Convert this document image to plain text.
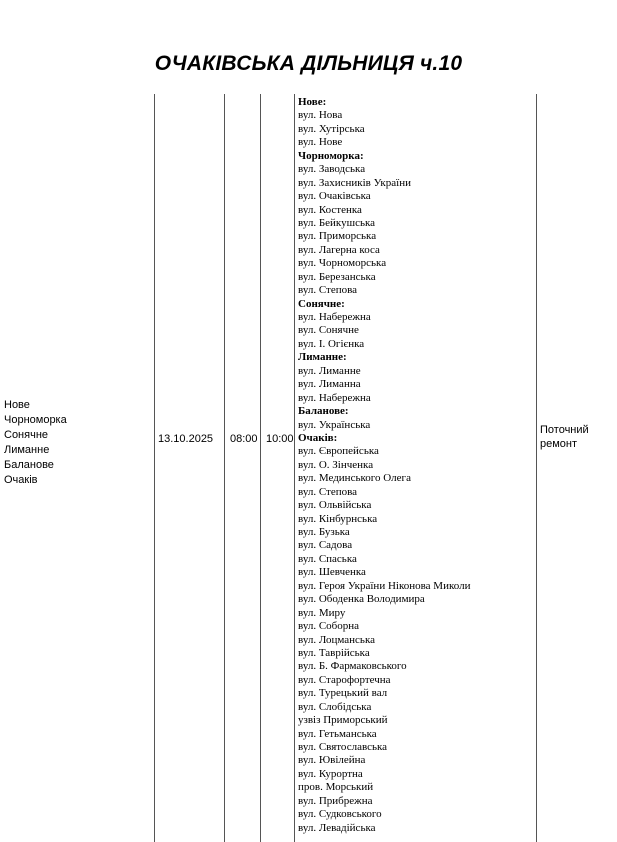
ОЧАКІВСЬКА ДІЛЬНИЦЯ ч.10
Нове
Чорноморка
Сонячне
Лиманне
Баланове
Очаків
13.10.2025 08:00 10:00
Нове:
вул. Нова
вул. Хутірська
вул. Нове
Чорноморка:
вул. Заводська
вул. Захисників України
вул. Очаківська
вул. Костенка
вул. Бейкушська
вул. Приморська
вул. Лагерна коса
вул. Чорноморська
вул. Березанська
вул. Степова
Сонячне:
вул. Набережна
вул. Сонячне
вул. І. Огієнка
Лиманне:
вул. Лиманне
вул. Лиманна
вул. Набережна
Баланове:
вул. Українська
Очаків:
вул. Європейська
вул. О. Зінченка
вул. Мединського Олега
вул. Степова
вул. Ольвійська
вул. Кінбурнська
вул. Бузька
вул. Садова
вул. Спаська
вул. Шевченка
вул. Героя України Ніконова Миколи
вул. Ободенка Володимира
вул. Миру
вул. Соборна
вул. Лоцманська
вул. Таврійська
вул. Б. Фармаковського
вул. Старофортечна
вул. Турецький вал
вул. Слобідська
узвіз Приморський
вул. Гетьманська
вул. Святославська
вул. Ювілейна
вул. Курортна
пров. Морський
вул. Прибрежна
вул. Судковського
вул. Левадійська
Поточний ремонт
